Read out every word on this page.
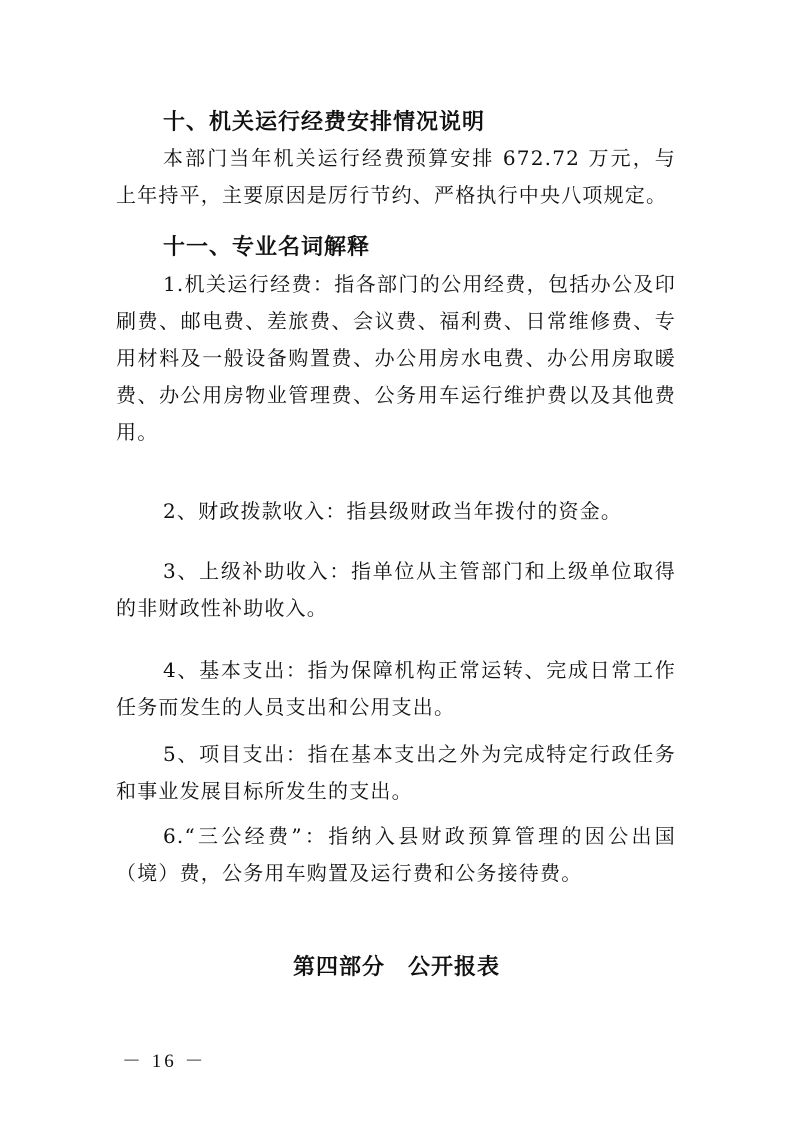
十、机关运行经费安排情况说明

本部门当年机关运行经费预算安排 672.72 万元，与上年持平，主要原因是厉行节约、严格执行中央八项规定。

十一、专业名词解释

1.机关运行经费：指各部门的公用经费，包括办公及印刷费、邮电费、差旅费、会议费、福利费、日常维修费、专用材料及一般设备购置费、办公用房水电费、办公用房取暖费、办公用房物业管理费、公务用车运行维护费以及其他费用。

2、财政拨款收入：指县级财政当年拨付的资金。

3、上级补助收入：指单位从主管部门和上级单位取得的非财政性补助收入。

4、基本支出：指为保障机构正常运转、完成日常工作任务而发生的人员支出和公用支出。

5、项目支出：指在基本支出之外为完成特定行政任务和事业发展目标所发生的支出。

6.“三公经费”：指纳入县财政预算管理的因公出国（境）费，公务用车购置及运行费和公务接待费。

第四部分　公开报表
－ 16 －
